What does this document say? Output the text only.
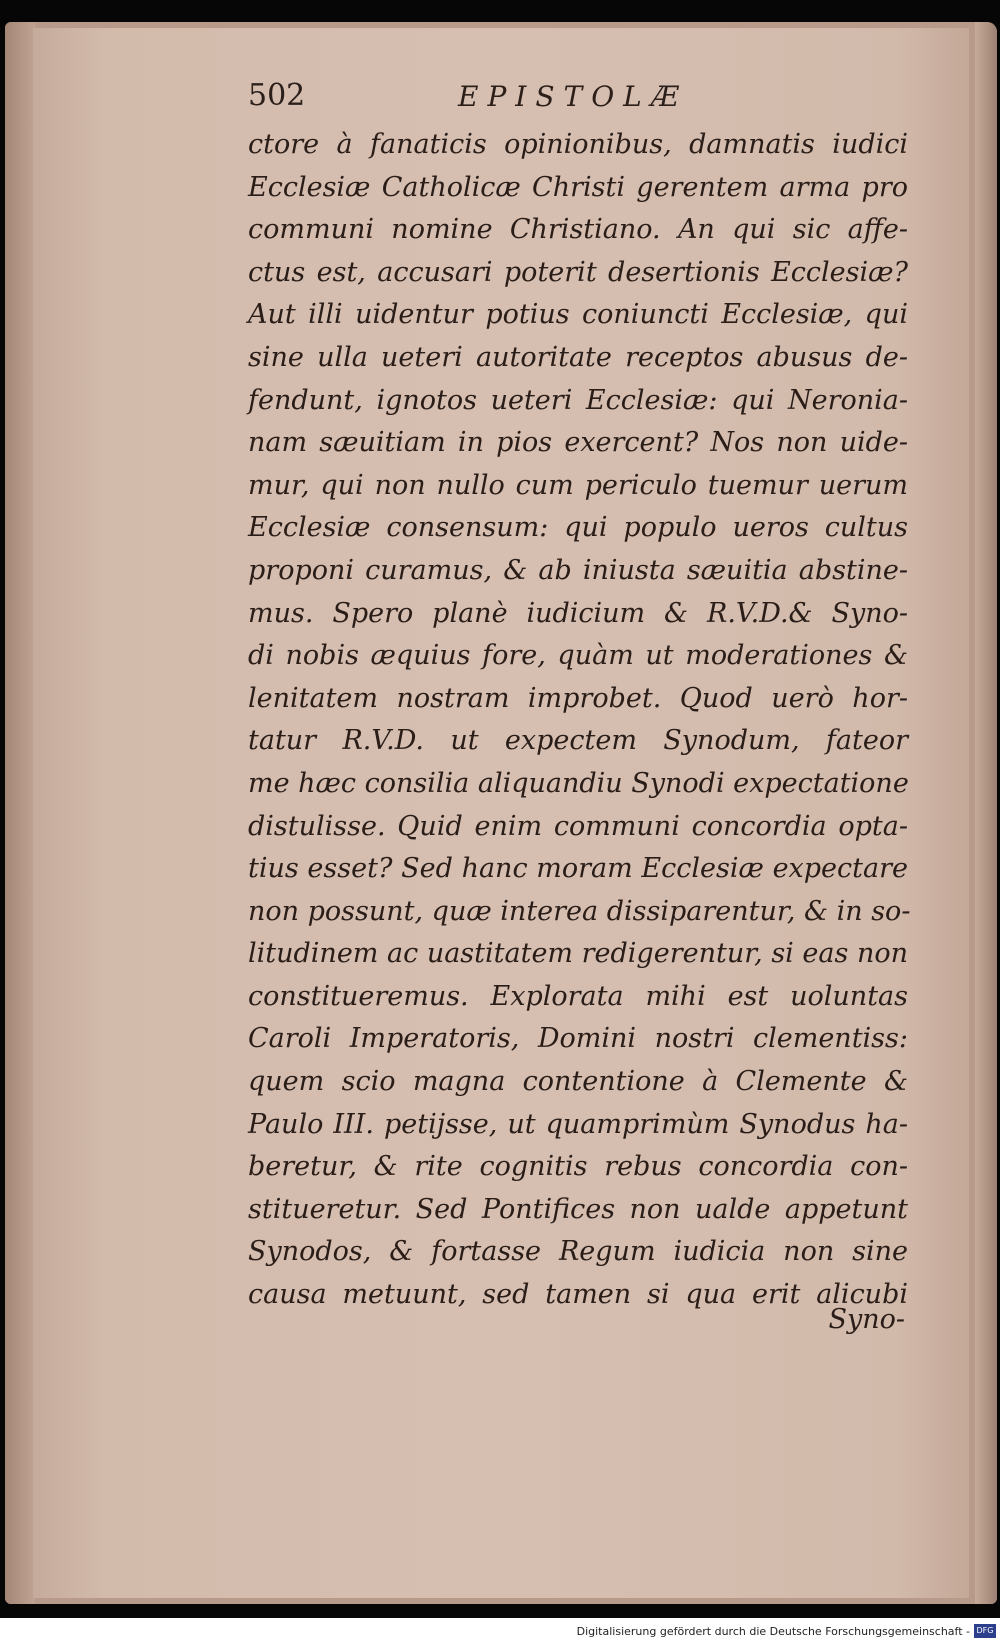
502	EPISTOLÆ
ctore à fanaticis opinionibus, damnatis iudici
Ecclesiæ Catholicæ Christi gerentem arma pro
communi nomine Christiano. An qui sic affe-
ctus est, accusari poterit desertionis Ecclesiæ?
Aut illi uidentur potius coniuncti Ecclesiæ, qui
sine ulla ueteri autoritate receptos abusus de-
fendunt, ignotos ueteri Ecclesiæ: qui Neronia-
nam sæuitiam in pios exercent? Nos non uide-
mur, qui non nullo cum periculo tuemur uerum
Ecclesiæ consensum: qui populo ueros cultus
proponi curamus, & ab iniusta sæuitia abstine-
mus. Spero planè iudicium & R.V.D.& Syno-
di nobis æquius fore, quàm ut moderationes &
lenitatem nostram improbet. Quod uerò hor-
tatur R.V.D. ut expectem Synodum, fateor
me hæc consilia aliquandiu Synodi expectatione
distulisse. Quid enim communi concordia opta-
tius esset? Sed hanc moram Ecclesiæ expectare
non possunt, quæ interea dissiparentur, & in so-
litudinem ac uastitatem redigerentur, si eas non
constitueremus. Explorata mihi est uoluntas
Caroli Imperatoris, Domini nostri clementiss:
quem scio magna contentione à Clemente &
Paulo III. petijsse, ut quamprimùm Synodus ha-
beretur, & rite cognitis rebus concordia con-
stitueretur. Sed Pontifices non ualde appetunt
Synodos, & fortasse Regum iudicia non sine
causa metuunt, sed tamen si qua erit alicubi
Syno-
Digitalisierung gefördert durch die Deutsche Forschungsgemeinschaft - DFG
